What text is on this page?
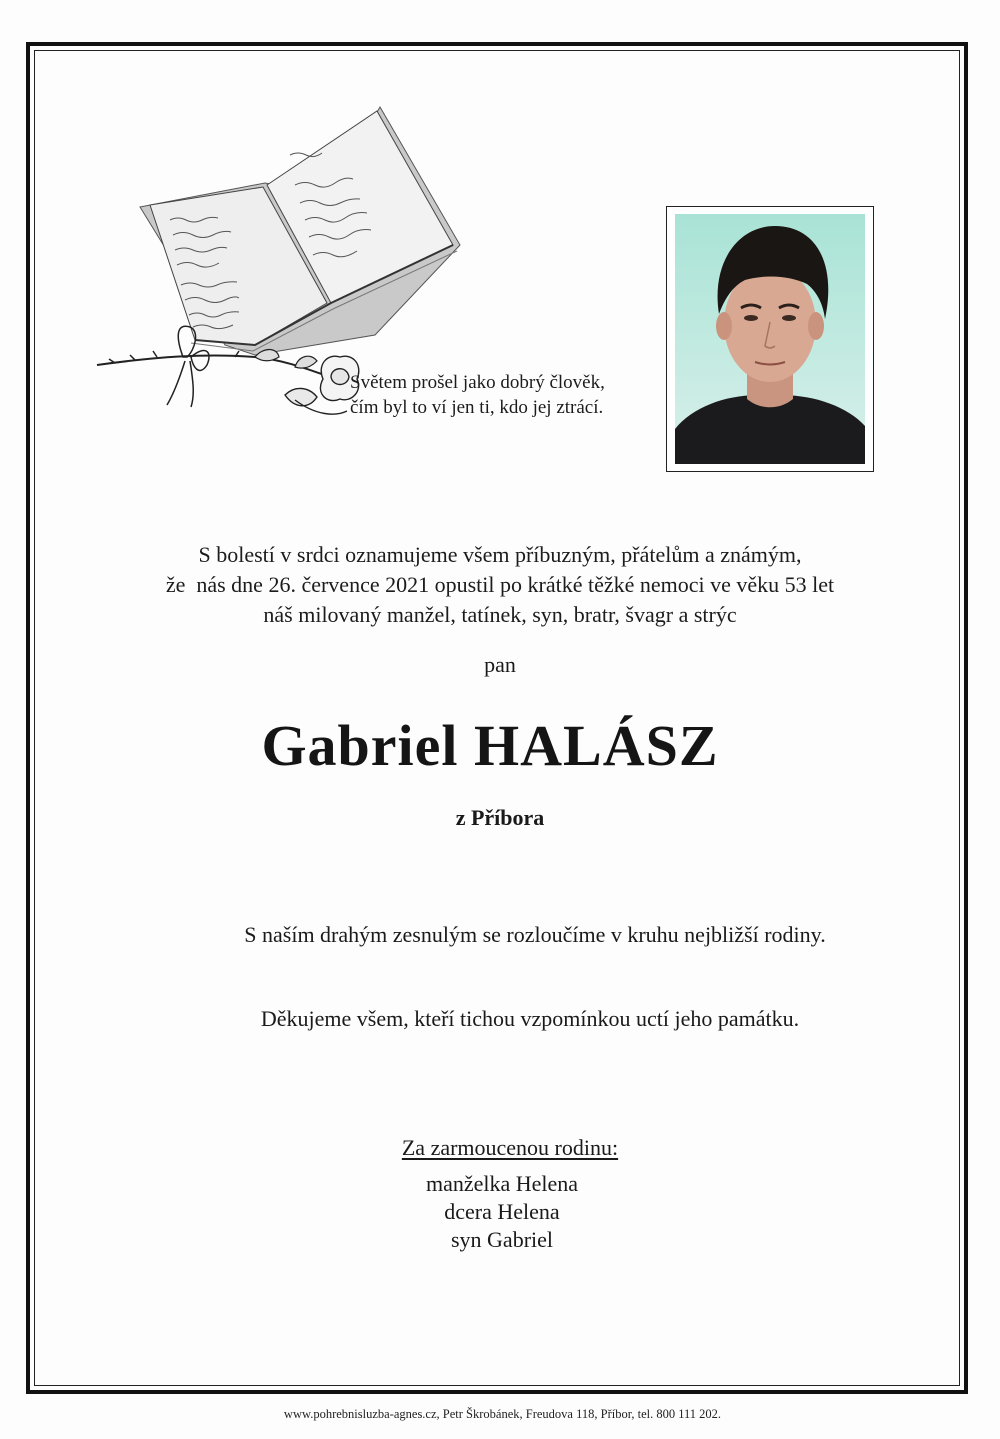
Světem prošel jako dobrý člověk,
čím byl to ví jen ti, kdo jej ztrácí.
S bolestí v srdci oznamujeme všem příbuzným, přátelům a známým,
že  nás dne 26. července 2021 opustil po krátké těžké nemoci ve věku 53 let
náš milovaný manžel, tatínek, syn, bratr, švagr a strýc
pan
Gabriel HALÁSZ
z Příbora
S naším drahým zesnulým se rozloučíme v kruhu nejbližší rodiny.
Děkujeme všem, kteří tichou vzpomínkou uctí jeho památku.
Za zarmoucenou rodinu:
manželka Helena
dcera Helena
syn Gabriel
www.pohrebnisluzba-agnes.cz, Petr Škrobánek, Freudova 118, Příbor, tel. 800 111 202.
